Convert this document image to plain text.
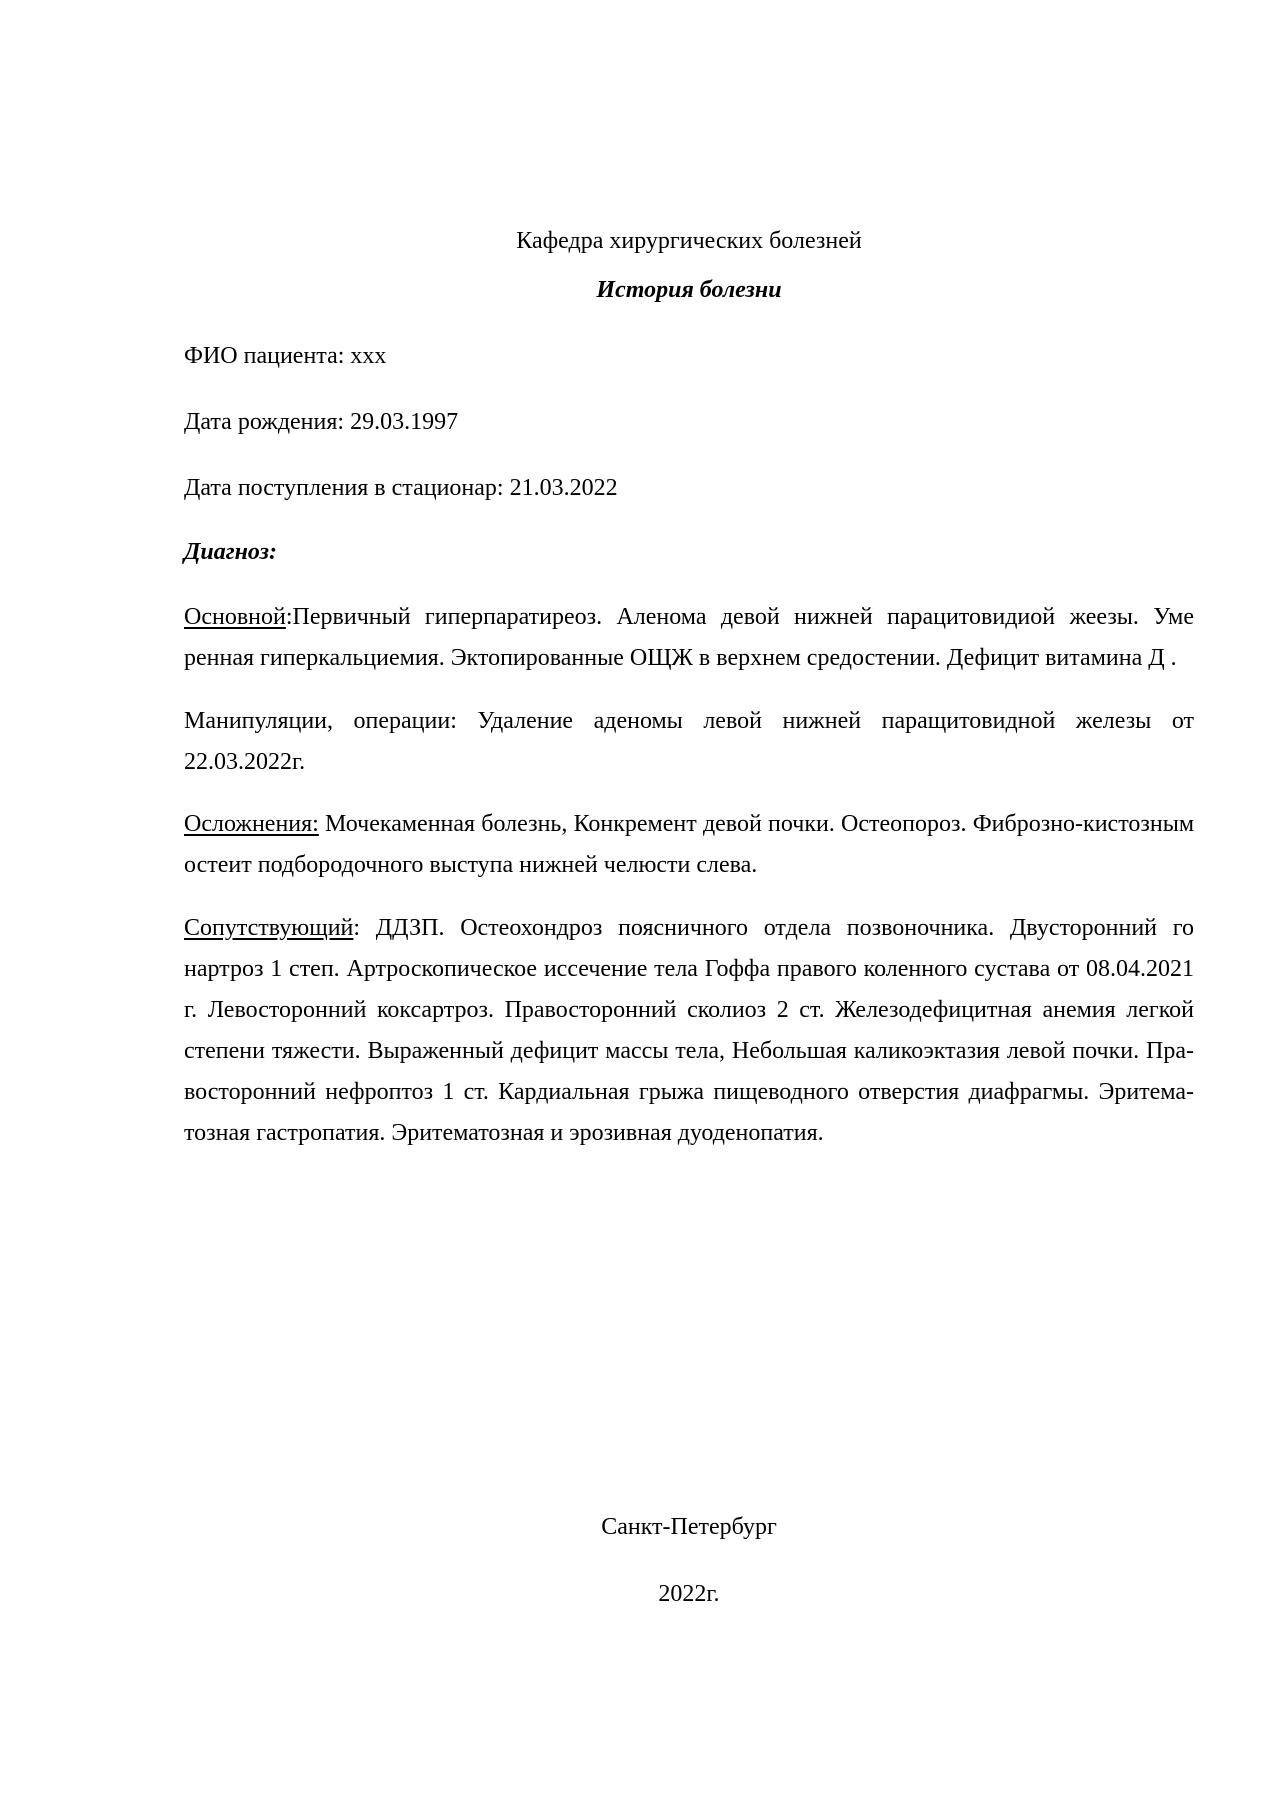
Кафедра хирургических болезней
История болезни
ФИО пациента: ххх
Дата рождения: 29.03.1997
Дата поступления в стационар: 21.03.2022
Диагноз:
Основной:Первичный гиперпаратиреоз. Аленома девой нижней парацитовидиой жеезы. Уме ренная гиперкальциемия. Эктопированные ОЩЖ в верхнем средостении. Дефицит витамина Д .
Манипуляции, операции: Удаление аденомы левой нижней паращитовидной железы от 22.03.2022г.
Осложнения: Мочекаменная болезнь, Конкремент девой почки. Остеопороз. Фиброзно-кистозным остеит подбородочного выступа нижней челюсти слева.
Сопутствующий: ДДЗП. Остеохондроз поясничного отдела позвоночника. Двусторонний го нартроз 1 степ. Артроскопическое иссечение тела Гоффа правого коленного сустава от 08.04.2021 г. Левосторонний коксартроз. Правосторонний сколиоз 2 ст. Железодефицитная анемия легкой степени тяжести. Выраженный дефицит массы тела, Небольшая каликоэктазия левой почки. Правосторонний нефроптоз 1 ст. Кардиальная грыжа пищеводного отверстия диафрагмы. Эритематозная гастропатия. Эритематозная и эрозивная дуоденопатия.
Санкт-Петербург
2022г.
